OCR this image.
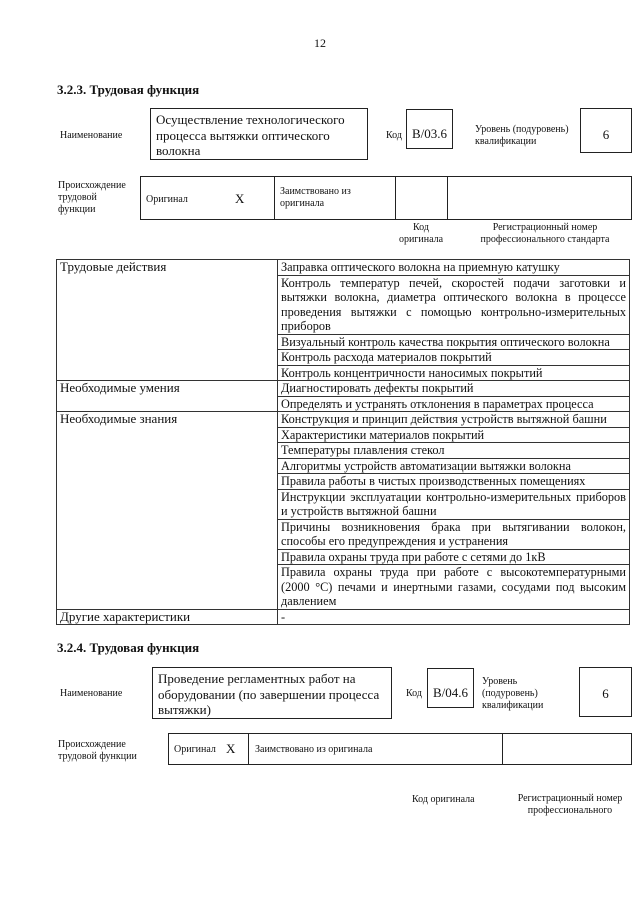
12
3.2.3. Трудовая функция
Наименование
Осуществление технологического процесса вытяжки оптического волокна
Код B/03.6	Уровень (подуровень) квалификации	6
Происхождение трудовой функции
Оригинал	X	Заимствовано из оригинала
Код оригинала
Регистрационный номер профессионального стандарта
Трудовые действия	Заправка оптического волокна на приемную катушку
	Контроль температур печей, скоростей подачи заготовки и вытяжки волокна, диаметра оптического волокна в процессе проведения вытяжки с помощью контрольно-измерительных приборов
	Визуальный контроль качества покрытия оптического волокна
	Контроль расхода материалов покрытий
	Контроль концентричности наносимых покрытий
Необходимые умения	Диагностировать дефекты покрытий
	Определять и устранять отклонения в параметрах процесса
Необходимые знания	Конструкция и принцип действия устройств вытяжной башни
	Характеристики материалов покрытий
	Температуры плавления стекол
	Алгоритмы устройств автоматизации вытяжки волокна
	Правила работы в чистых производственных помещениях
	Инструкции эксплуатации контрольно-измерительных приборов и устройств вытяжной башни
	Причины возникновения брака при вытягивании волокон, способы его предупреждения и устранения
	Правила охраны труда при работе с сетями до 1кВ
	Правила охраны труда при работе с высокотемпературными (2000 °C) печами и инертными газами, сосудами под высоким давлением
Другие характеристики	-
3.2.4. Трудовая функция
Наименование
Проведение регламентных работ на оборудовании (по завершении процесса вытяжки)
Код B/04.6
Уровень (подуровень) квалификации
6
Происхождение трудовой функции
Оригинал X Заимствовано из оригинала
Код оригинала	Регистрационный номер профессионального
